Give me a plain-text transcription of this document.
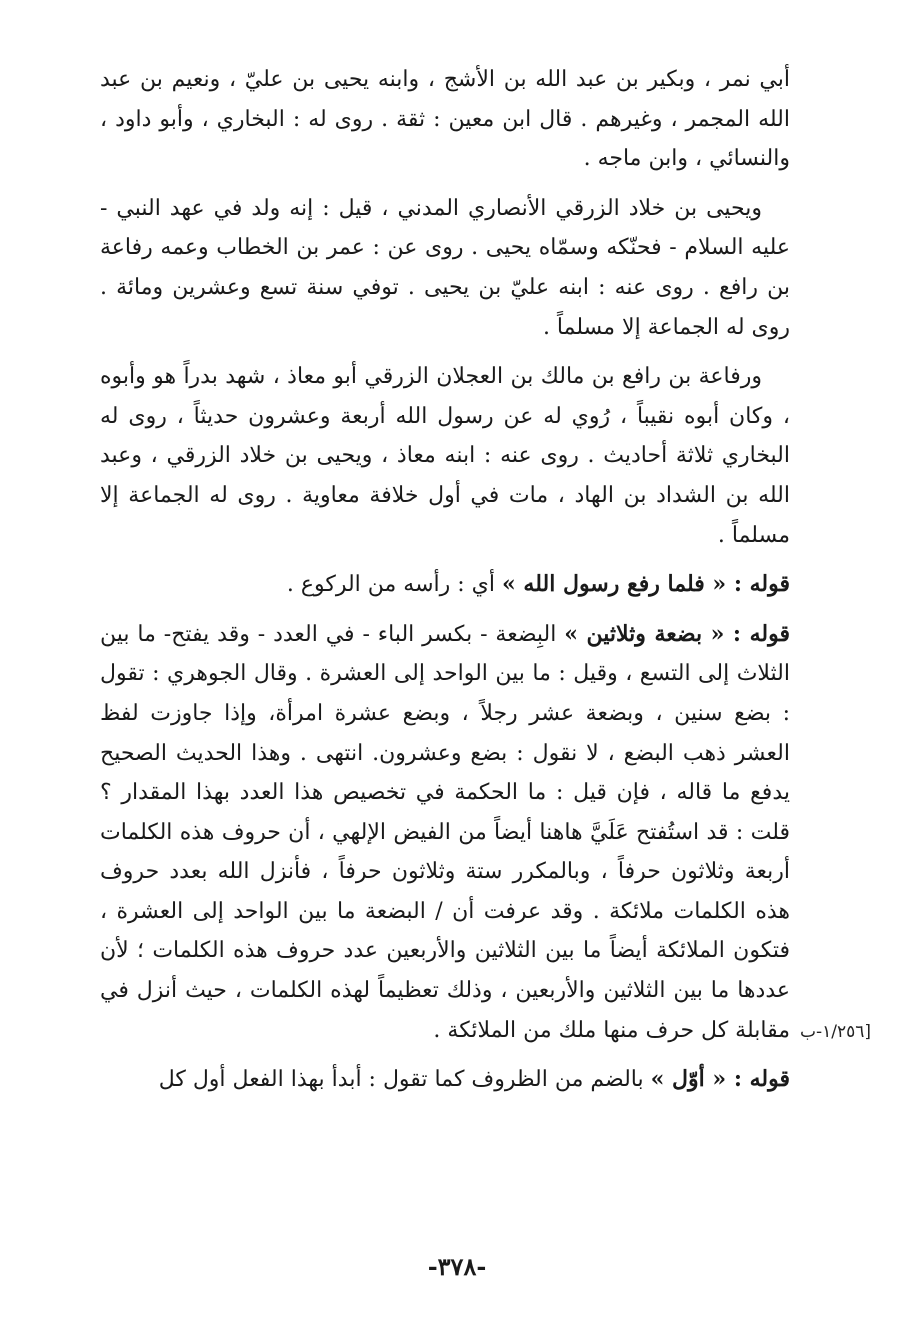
أبي نمر ، وبكير بن عبد الله بن الأشج ، وابنه يحيى بن عليّ ، ونعيم بن عبد الله المجمر ، وغيرهم . قال ابن معين : ثقة . روى له : البخاري ، وأبو داود ، والنسائي ، وابن ماجه .

ويحيى بن خلاد الزرقي الأنصاري المدني ، قيل : إنه ولد في عهد النبي - عليه السلام - فحنّكه وسمّاه يحيى . روى عن : عمر بن الخطاب وعمه رفاعة بن رافع . روى عنه : ابنه عليّ بن يحيى . توفي سنة تسع وعشرين ومائة . روى له الجماعة إلا مسلماً .

ورفاعة بن رافع بن مالك بن العجلان الزرقي أبو معاذ ، شهد بدراً هو وأبوه ، وكان أبوه نقيباً ، رُوي له عن رسول الله أربعة وعشرون حديثاً ، روى له البخاري ثلاثة أحاديث . روى عنه : ابنه معاذ ، ويحيى بن خلاد الزرقي ، وعبد الله بن الشداد بن الهاد ، مات في أول خلافة معاوية . روى له الجماعة إلا مسلماً .

قوله : « فلما رفع رسول الله » أي : رأسه من الركوع .

قوله : « بضعة وثلاثين » البِضعة - بكسر الباء - في العدد - وقد يفتح- ما بين الثلاث إلى التسع ، وقيل : ما بين الواحد إلى العشرة . وقال الجوهري : تقول : بضع سنين ، وبضعة عشر رجلاً ، وبضع عشرة امرأة، وإذا جاوزت لفظ العشر ذهب البضع ، لا نقول : بضع وعشرون. انتهى . وهذا الحديث الصحيح يدفع ما قاله ، فإن قيل : ما الحكمة في تخصيص هذا العدد بهذا المقدار ؟ قلت : قد استُفتح عَلَيَّ هاهنا أيضاً من الفيض الإلهي ، أن حروف هذه الكلمات أربعة وثلاثون حرفاً ، وبالمكرر ستة وثلاثون حرفاً ، فأنزل الله بعدد حروف هذه الكلمات ملائكة . وقد عرفت أن / البضعة ما بين الواحد إلى العشرة ، فتكون الملائكة أيضاً ما بين الثلاثين والأربعين عدد حروف هذه الكلمات ؛ لأن عددها ما بين الثلاثين والأربعين ، وذلك تعظيماً لهذه الكلمات ، حيث أنزل في مقابلة كل حرف منها ملك من الملائكة .

قوله : « أوّل » بالضم من الظروف كما تقول : أبدأ بهذا الفعل أول كل

[١/٢٥٦-ب
-٣٧٨-
